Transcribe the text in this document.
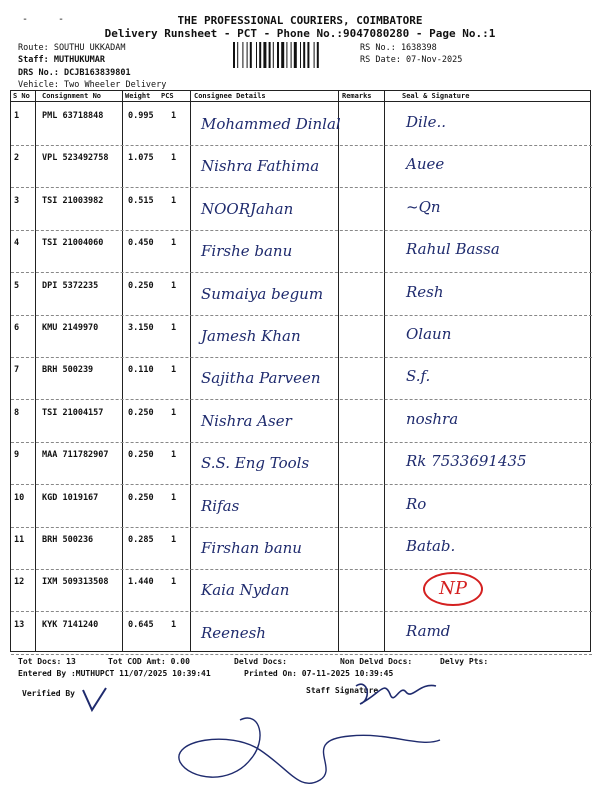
-	-	THE PROFESSIONAL COURIERS, COIMBATORE
Delivery Runsheet - PCT - Phone No.:9047080280 - Page No.:1
Route: SOUTHU UKKADAM
Staff: MUTHUKUMAR
DRS No.: DCJB163839801
Vehicle: Two Wheeler Delivery
RS No.: 1638398
RS Date: 07-Nov-2025
S No Consignment No	Weight PCS	Consignee Details	Remarks	Seal & Signature
1	PML 63718848	0.995 1 Mohammed Dinlal	Dile..
2	VPL 523492758 1.075 1 Nishra Fathima	Auee
3	TSI 21003982	0.515 1 NOORJahan	~Qn
4	TSI 21004060	0.450 1 Firshe banu	Rahul Bassa
5	DPI 5372235	0.250 1 Sumaiya begum	Resh
6	KMU 2149970	3.150 1 Jamesh Khan	Olaun
7	BRH 500239	0.110 1 Sajitha Parveen	S.f.
8	TSI 21004157	0.250 1 Nishra Aser	noshra
9	MAA 711782907 0.250 1 S.S. Eng Tools	Rk 7533691435
10 KGD 1019167	0.250 1 Rifas	Ro
11 BRH 500236	0.285 1 Firshan banu	Batab.
12 IXM 509313508 1.440 1 Kaia Nydan	NP
13 KYK 7141240	0.645 1 Reenesh	Ramd
Tot Docs: 13	Tot COD Amt: 0.00	Delvd Docs:	Non Delvd Docs:	Delvy Pts:
Entered By :MUTHUPCT 11/07/2025 10:39:41	Printed On: 07-11-2025 10:39:45
Verified By	Staff Signature
